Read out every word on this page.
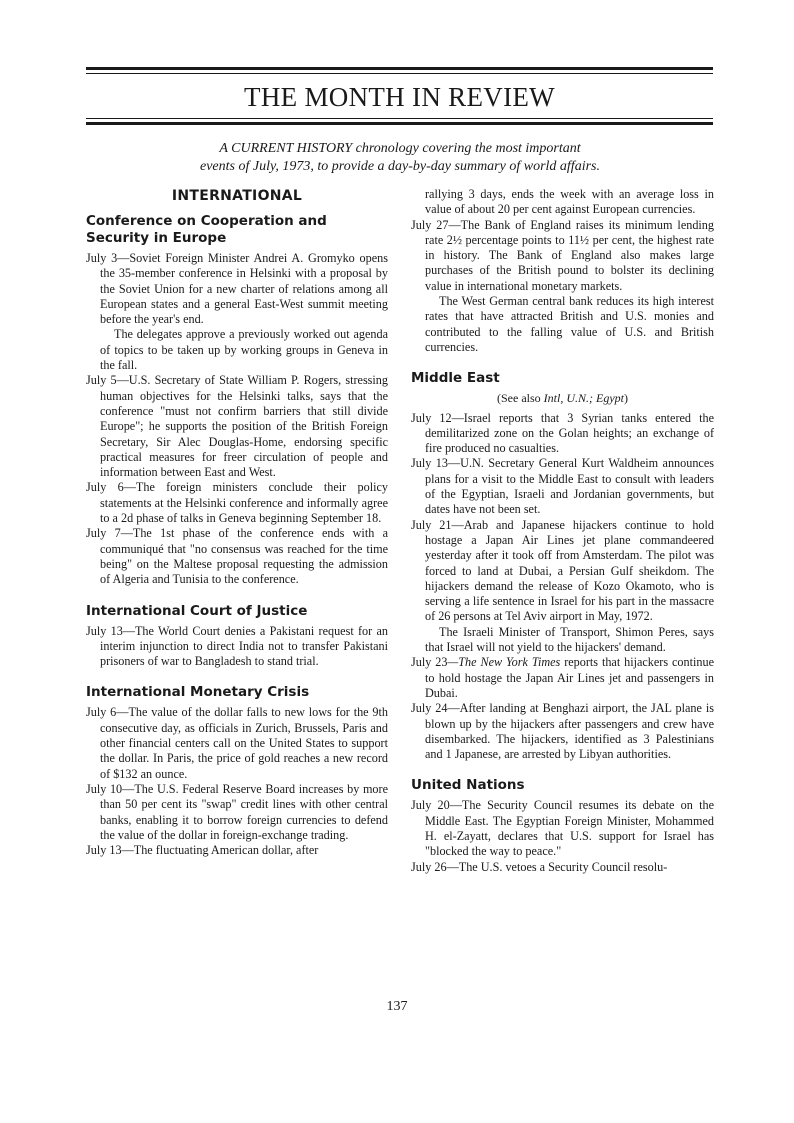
THE MONTH IN REVIEW
A CURRENT HISTORY chronology covering the most important
events of July, 1973, to provide a day-by-day summary of world affairs.
INTERNATIONAL
Conference on Cooperation and Security in Europe

July 3—Soviet Foreign Minister Andrei A. Gromyko opens the 35-member conference in Helsinki with a proposal by the Soviet Union for a new charter of relations among all European states and a general East-West summit meeting before the year's end.

The delegates approve a previously worked out agenda of topics to be taken up by working groups in Geneva in the fall.

July 5—U.S. Secretary of State William P. Rogers, stressing human objectives for the Helsinki talks, says that the conference "must not confirm barriers that still divide Europe"; he supports the position of the British Foreign Secretary, Sir Alec Douglas-Home, endorsing specific practical measures for freer circulation of people and information between East and West.

July 6—The foreign ministers conclude their policy statements at the Helsinki conference and informally agree to a 2d phase of talks in Geneva beginning September 18.

July 7—The 1st phase of the conference ends with a communiqué that "no consensus was reached for the time being" on the Maltese proposal requesting the admission of Algeria and Tunisia to the conference.

International Court of Justice

July 13—The World Court denies a Pakistani request for an interim injunction to direct India not to transfer Pakistani prisoners of war to Bangladesh to stand trial.

International Monetary Crisis

July 6—The value of the dollar falls to new lows for the 9th consecutive day, as officials in Zurich, Brussels, Paris and other financial centers call on the United States to support the dollar. In Paris, the price of gold reaches a new record of $132 an ounce.

July 10—The U.S. Federal Reserve Board increases by more than 50 per cent its "swap" credit lines with other central banks, enabling it to borrow foreign currencies to defend the value of the dollar in foreign-exchange trading.

July 13—The fluctuating American dollar, after

rallying 3 days, ends the week with an average loss in value of about 20 per cent against European currencies.

July 27—The Bank of England raises its minimum lending rate 2½ percentage points to 11½ per cent, the highest rate in history. The Bank of England also makes large purchases of the British pound to bolster its declining value in international monetary markets.

The West German central bank reduces its high interest rates that have attracted British and U.S. monies and contributed to the falling value of U.S. and British currencies.

Middle East

(See also Intl, U.N.; Egypt)

July 12—Israel reports that 3 Syrian tanks entered the demilitarized zone on the Golan heights; an exchange of fire produced no casualties.

July 13—U.N. Secretary General Kurt Waldheim announces plans for a visit to the Middle East to consult with leaders of the Egyptian, Israeli and Jordanian governments, but dates have not been set.

July 21—Arab and Japanese hijackers continue to hold hostage a Japan Air Lines jet plane commandeered yesterday after it took off from Amsterdam. The pilot was forced to land at Dubai, a Persian Gulf sheikdom. The hijackers demand the release of Kozo Okamoto, who is serving a life sentence in Israel for his part in the massacre of 26 persons at Tel Aviv airport in May, 1972.

The Israeli Minister of Transport, Shimon Peres, says that Israel will not yield to the hijackers' demand.

July 23—The New York Times reports that hijackers continue to hold hostage the Japan Air Lines jet and passengers in Dubai.

July 24—After landing at Benghazi airport, the JAL plane is blown up by the hijackers after passengers and crew have disembarked. The hijackers, identified as 3 Palestinians and 1 Japanese, are arrested by Libyan authorities.

United Nations

July 20—The Security Council resumes its debate on the Middle East. The Egyptian Foreign Minister, Mohammed H. el-Zayatt, declares that U.S. support for Israel has "blocked the way to peace."

July 26—The U.S. vetoes a Security Council resolu-

137
